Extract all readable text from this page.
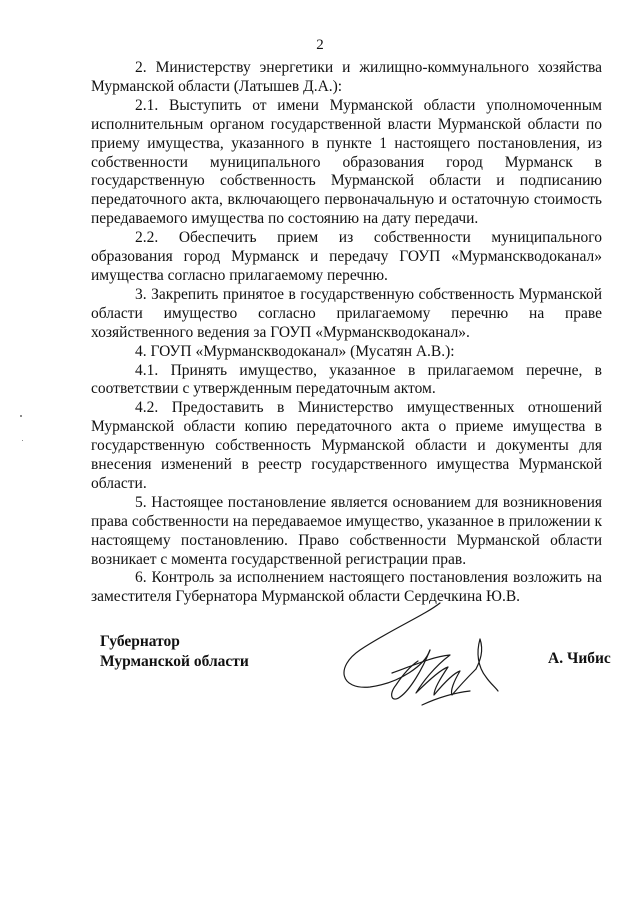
2

2. Министерству энергетики и жилищно-коммунального хозяйства Мурманской области (Латышев Д.А.):

2.1. Выступить от имени Мурманской области уполномоченным исполнительным органом государственной власти Мурманской области по приему имущества, указанного в пункте 1 настоящего постановления, из собственности муниципального образования город Мурманск в государственную собственность Мурманской области и подписанию передаточного акта, включающего первоначальную и остаточную стоимость передаваемого имущества по состоянию на дату передачи.

2.2. Обеспечить прием из собственности муниципального образования город Мурманск и передачу ГОУП «Мурманскводоканал» имущества согласно прилагаемому перечню.

3. Закрепить принятое в государственную собственность Мурманской области имущество согласно прилагаемому перечню на праве хозяйственного ведения за ГОУП «Мурманскводоканал».

4. ГОУП «Мурманскводоканал» (Мусатян А.В.):

4.1. Принять имущество, указанное в прилагаемом перечне, в соответствии с утвержденным передаточным актом.

4.2. Предоставить в Министерство имущественных отношений Мурманской области копию передаточного акта о приеме имущества в государственную собственность Мурманской области и документы для внесения изменений в реестр государственного имущества Мурманской области.

5. Настоящее постановление является основанием для возникновения права собственности на передаваемое имущество, указанное в приложении к настоящему постановлению. Право собственности Мурманской области возникает с момента государственной регистрации прав.

6. Контроль за исполнением настоящего постановления возложить на заместителя Губернатора Мурманской области Сердечкина Ю.В.

Губернатор
Мурманской области	А. Чибис
